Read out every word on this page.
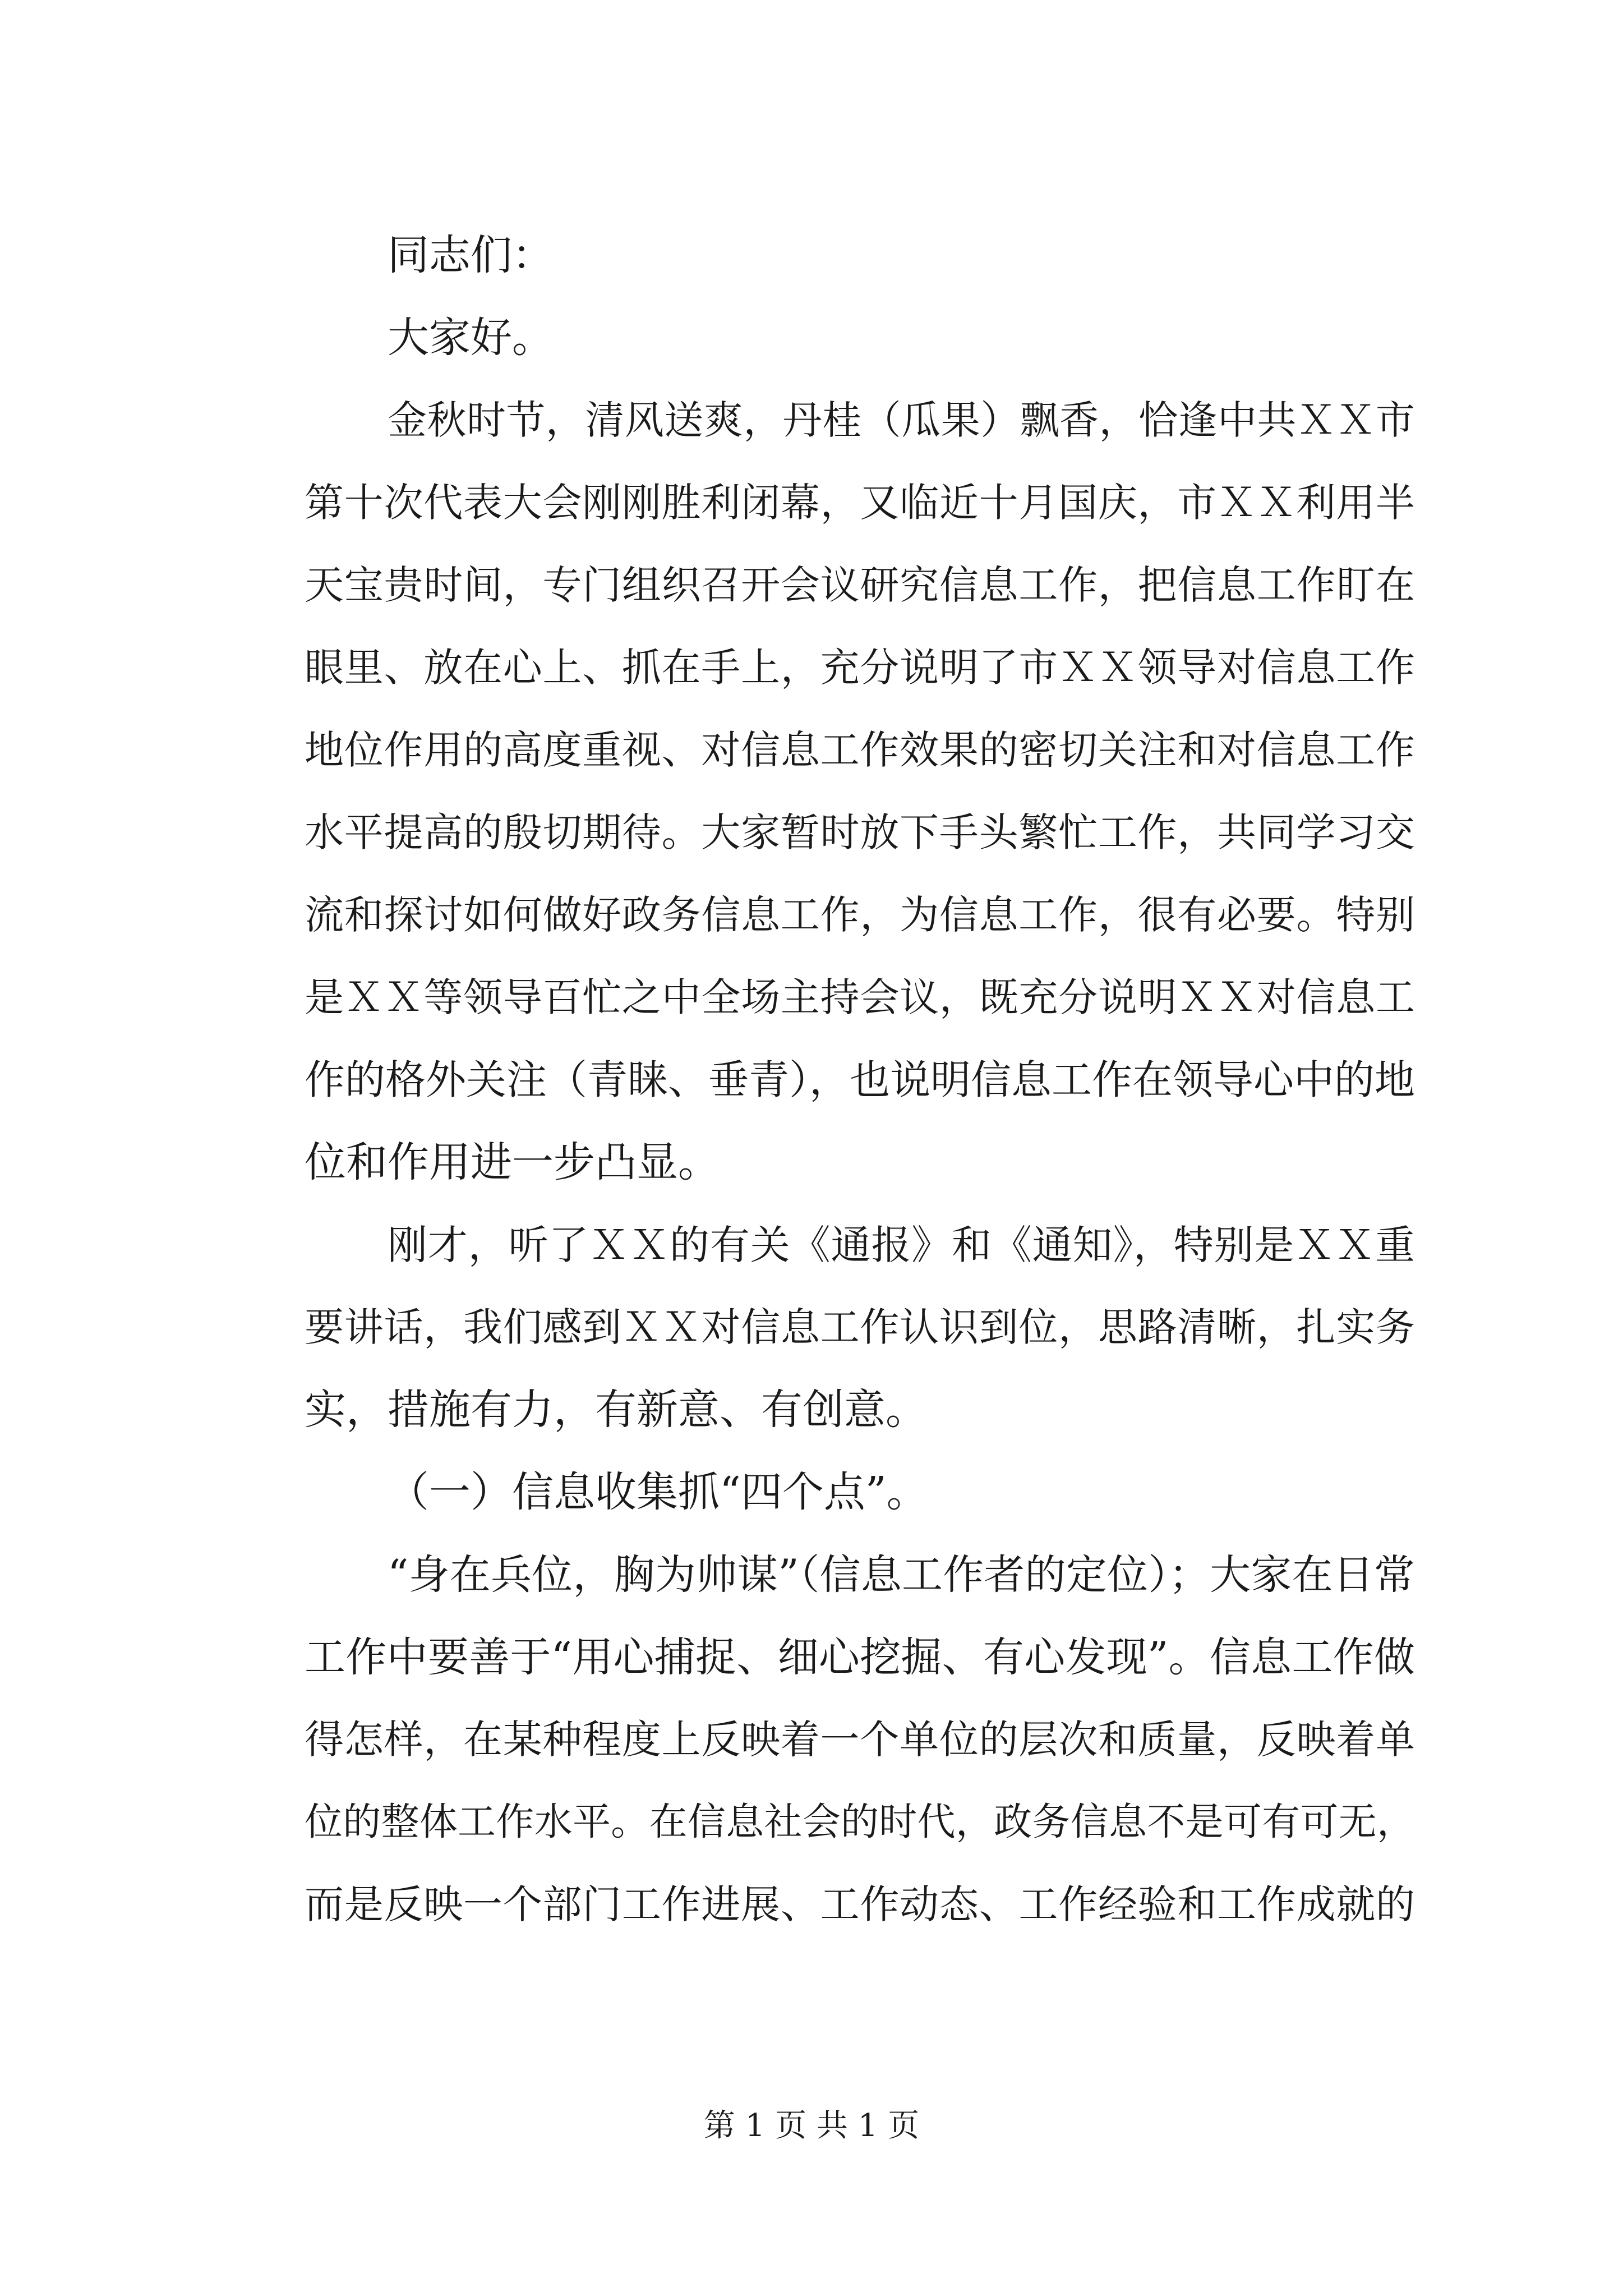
同志们：
大家好。
金秋时节，清风送爽，丹桂（瓜果）飘香，恰逢中共ＸＸ市
第十次代表大会刚刚胜利闭幕，又临近十月国庆，市ＸＸ利用半
天宝贵时间，专门组织召开会议研究信息工作，把信息工作盯在
眼里、放在心上、抓在手上，充分说明了市ＸＸ领导对信息工作
地位作用的高度重视、对信息工作效果的密切关注和对信息工作
水平提高的殷切期待。大家暂时放下手头繁忙工作，共同学习交
流和探讨如何做好政务信息工作，为信息工作，很有必要。特别
是ＸＸ等领导百忙之中全场主持会议，既充分说明ＸＸ对信息工
作的格外关注（青睐、垂青），也说明信息工作在领导心中的地
位和作用进一步凸显。
刚才，听了ＸＸ的有关《通报》和《通知》，特别是ＸＸ重
要讲话，我们感到ＸＸ对信息工作认识到位，思路清晰，扎实务
实，措施有力，有新意、有创意。
（一）信息收集抓“四个点”。
“身在兵位，胸为帅谋”（信息工作者的定位）；大家在日常
工作中要善于“用心捕捉、细心挖掘、有心发现”。信息工作做
得怎样，在某种程度上反映着一个单位的层次和质量，反映着单
位的整体工作水平。在信息社会的时代，政务信息不是可有可无，
而是反映一个部门工作进展、工作动态、工作经验和工作成就的
第 1 页 共 1 页
